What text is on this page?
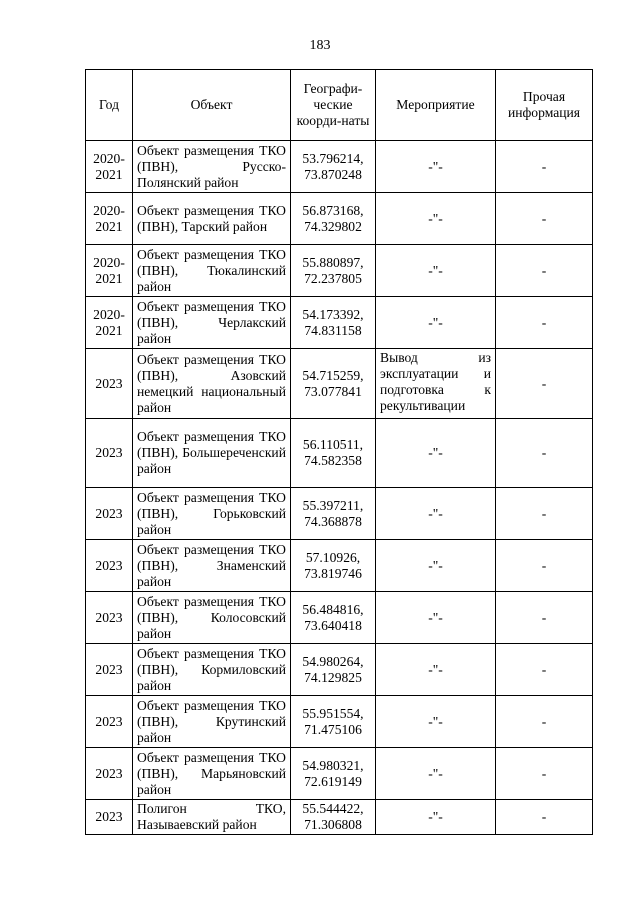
183
Год	Объект	Географи-ческие коорди-наты	Мероприятие	Прочая информация
2020-2021	Объект размещения ТКО (ПВН), Русско-Полянский район	53.796214, 73.870248	-"-	-
2020-2021	Объект размещения ТКО (ПВН), Тарский район	56.873168, 74.329802	-"-	-
2020-2021	Объект размещения ТКО (ПВН), Тюкалинский район	55.880897, 72.237805	-"-	-
2020-2021	Объект размещения ТКО (ПВН), Черлакский район	54.173392, 74.831158	-"-	-
2023	Объект размещения ТКО (ПВН), Азовский немецкий национальный район	54.715259, 73.077841	Вывод из эксплуатации и подготовка к рекультивации	-
2023	Объект размещения ТКО (ПВН), Большереченский район	56.110511, 74.582358	-"-	-
2023	Объект размещения ТКО (ПВН), Горьковский район	55.397211, 74.368878	-"-	-
2023	Объект размещения ТКО (ПВН), Знаменский район	57.10926, 73.819746	-"-	-
2023	Объект размещения ТКО (ПВН), Колосовский район	56.484816, 73.640418	-"-	-
2023	Объект размещения ТКО (ПВН), Кормиловский район	54.980264, 74.129825	-"-	-
2023	Объект размещения ТКО (ПВН), Крутинский район	55.951554, 71.475106	-"-	-
2023	Объект размещения ТКО (ПВН), Марьяновский район	54.980321, 72.619149	-"-	-
2023	Полигон ТКО, Называевский район	55.544422, 71.306808	-"-	-
